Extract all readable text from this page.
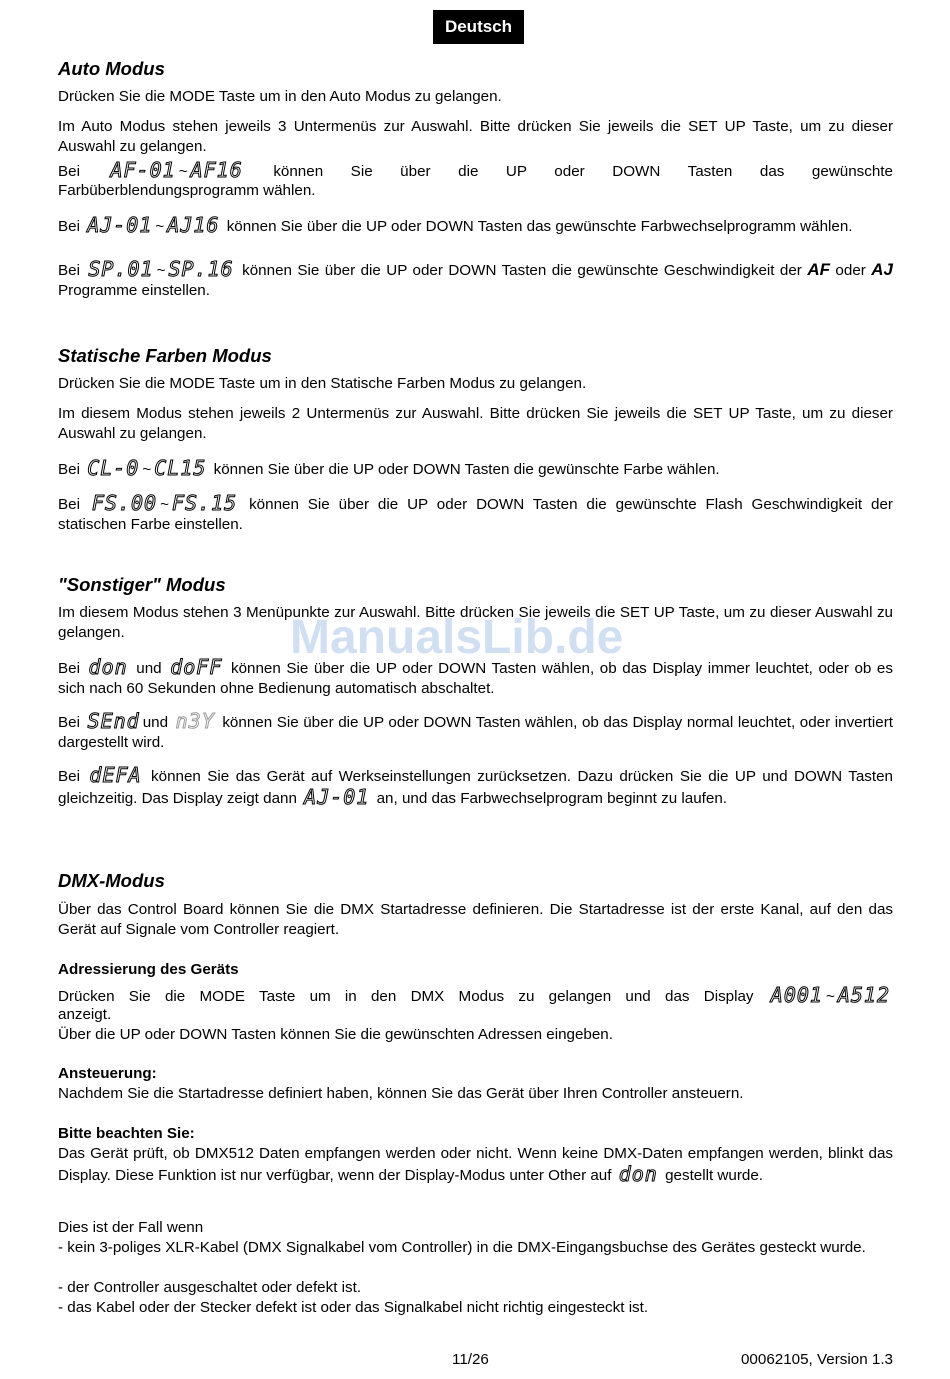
Deutsch
Auto Modus
Drücken Sie die MODE Taste um in den Auto Modus zu gelangen.
Im Auto Modus stehen jeweils 3 Untermenüs zur Auswahl. Bitte drücken Sie jeweils die SET UP Taste, um zu dieser Auswahl zu gelangen.
Bei AF-01 ~ AF16 können Sie über die UP oder DOWN Tasten das gewünschte
Farbüberblendungsprogramm wählen.
Bei AJ-01 ~ AJ16 können Sie über die UP oder DOWN Tasten das gewünschte Farbwechselprogramm wählen.
Bei SP.01 ~ SP.16 können Sie über die UP oder DOWN Tasten die gewünschte Geschwindigkeit der AF oder AJ Programme einstellen.
Statische Farben Modus
Drücken Sie die MODE Taste um in den Statische Farben Modus zu gelangen.
Im diesem Modus stehen jeweils 2 Untermenüs zur Auswahl. Bitte drücken Sie jeweils die SET UP Taste, um zu dieser Auswahl zu gelangen.
Bei CL-0 ~ CL15 können Sie über die UP oder DOWN Tasten die gewünschte Farbe wählen.
Bei FS.00 ~ FS.15 können Sie über die UP oder DOWN Tasten die gewünschte Flash Geschwindigkeit der statischen Farbe einstellen.
"Sonstiger" Modus
Im diesem Modus stehen 3 Menüpunkte zur Auswahl. Bitte drücken Sie jeweils die SET UP Taste, um zu dieser Auswahl zu gelangen.
Bei don und doFF können Sie über die UP oder DOWN Tasten wählen, ob das Display immer leuchtet, oder ob es sich nach 60 Sekunden ohne Bedienung automatisch abschaltet.
Bei SEnd und n3Y können Sie über die UP oder DOWN Tasten wählen, ob das Display normal leuchtet, oder invertiert dargestellt wird.
Bei dEFA können Sie das Gerät auf Werkseinstellungen zurücksetzen. Dazu drücken Sie die UP und DOWN Tasten gleichzeitig. Das Display zeigt dann AJ-01 an, und das Farbwechselprogram beginnt zu laufen.
ManualsLib.de
DMX-Modus
Über das Control Board können Sie die DMX Startadresse definieren. Die Startadresse ist der erste Kanal, auf den das Gerät auf Signale vom Controller reagiert.
Adressierung des Geräts
Drücken Sie die MODE Taste um in den DMX Modus zu gelangen und das Display A001 ~ A512
anzeigt.
Über die UP oder DOWN Tasten können Sie die gewünschten Adressen eingeben.
Ansteuerung:
Nachdem Sie die Startadresse definiert haben, können Sie das Gerät über Ihren Controller ansteuern.
Bitte beachten Sie:
Das Gerät prüft, ob DMX512 Daten empfangen werden oder nicht. Wenn keine DMX-Daten empfangen werden, blinkt das Display. Diese Funktion ist nur verfügbar, wenn der Display-Modus unter Other auf don gestellt wurde.
Dies ist der Fall wenn
- kein 3-poliges XLR-Kabel (DMX Signalkabel vom Controller) in die DMX-Eingangsbuchse des Gerätes gesteckt wurde.
- der Controller ausgeschaltet oder defekt ist.
- das Kabel oder der Stecker defekt ist oder das Signalkabel nicht richtig eingesteckt ist.
11/26	00062105, Version 1.3
